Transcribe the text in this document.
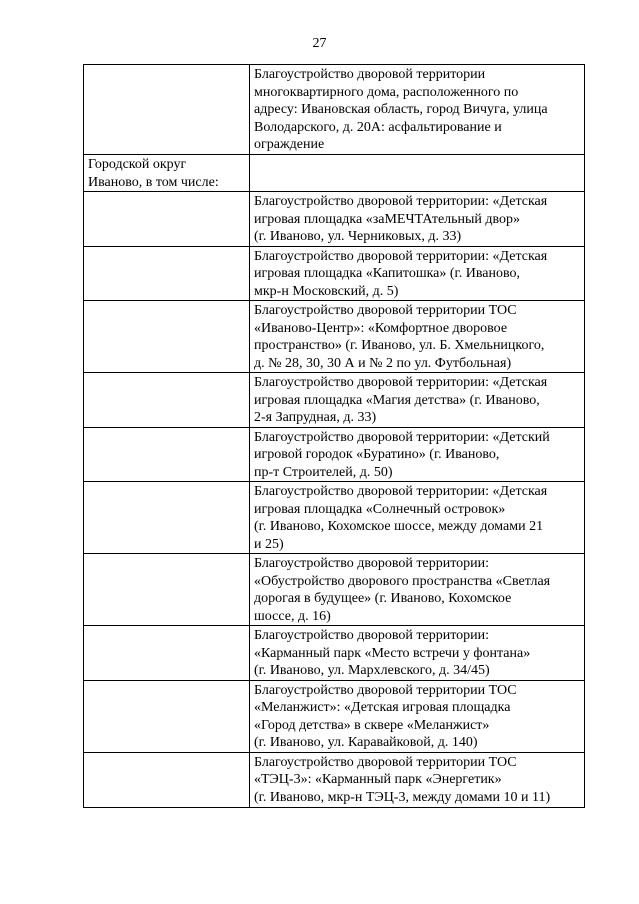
27

	Благоустройство дворовой территории
многоквартирного дома, расположенного по
адресу: Ивановская область, город Вичуга, улица
Володарского, д. 20А: асфальтирование и
ограждение

Городской округ
Иваново, в том числе:	

	Благоустройство дворовой территории: «Детская
игровая площадка «заМЕЧТАтельный двор»
(г. Иваново, ул. Черниковых, д. 33)

	Благоустройство дворовой территории: «Детская
игровая площадка «Капитошка» (г. Иваново,
мкр-н Московский, д. 5)

	Благоустройство дворовой территории ТОС
«Иваново-Центр»: «Комфортное дворовое
пространство» (г. Иваново, ул. Б. Хмельницкого,
д. № 28, 30, 30 А и № 2 по ул. Футбольная)

	Благоустройство дворовой территории: «Детская
игровая площадка «Магия детства» (г. Иваново,
2-я Запрудная, д. 33)

	Благоустройство дворовой территории: «Детский
игровой городок «Буратино» (г. Иваново,
пр-т Строителей, д. 50)

	Благоустройство дворовой территории: «Детская
игровая площадка «Солнечный островок»
(г. Иваново, Кохомское шоссе, между домами 21
и 25)

	Благоустройство дворовой территории:
«Обустройство дворового пространства «Светлая
дорогая в будущее» (г. Иваново, Кохомское
шоссе, д. 16)

	Благоустройство дворовой территории:
«Карманный парк «Место встречи у фонтана»
(г. Иваново, ул. Мархлевского, д. 34/45)

	Благоустройство дворовой территории ТОС
«Меланжист»: «Детская игровая площадка
«Город детства» в сквере «Меланжист»
(г. Иваново, ул. Каравайковой, д. 140)

	Благоустройство дворовой территории ТОС
«ТЭЦ-3»: «Карманный парк «Энергетик»
(г. Иваново, мкр-н ТЭЦ-3, между домами 10 и 11)
